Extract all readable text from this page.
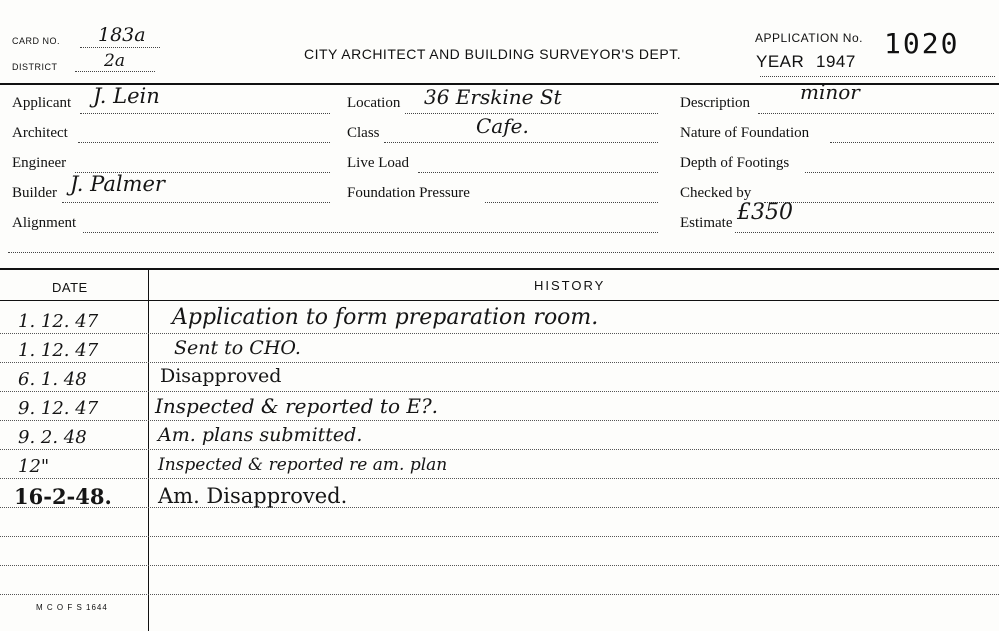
CARD NO. 183a
DISTRICT	2a	CITY ARCHITECT AND BUILDING SURVEYOR'S DEPT.
APPLICATION No. 1020
YEAR 1947
Applicant J. Lein
Architect
Engineer
Builder J. Palmer
Alignment
Location 36 Erskine St
Class	Cafe.
Live Load
Foundation Pressure
Description	minor
Nature of Foundation
Depth of Footings
Checked by
Estimate £350
DATE	HISTORY
1. 12. 47	Application to form preparation room.
1. 12. 47	Sent to CHO.
6. 1. 48	Disapproved
9. 12. 47	Inspected & reported to E?.
9. 2. 48	Am. plans submitted.
12"	Inspected & reported re am. plan
16-2-48. Am. Disapproved.
M C O F S 1644
